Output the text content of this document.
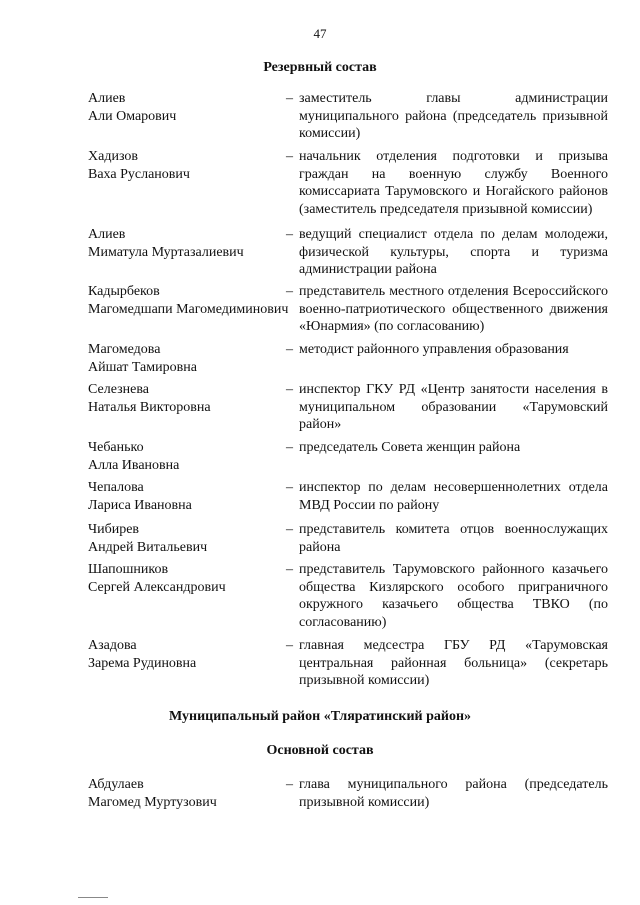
47
Резервный состав
Алиев
Али Омарович
– заместитель главы администрации муниципального района (председатель призывной комиссии)
Хадизов
Ваха Русланович
– начальник отделения подготовки и призыва граждан на военную службу Военного комиссариата Тарумовского и Ногайского районов (заместитель председателя призывной комиссии)
Алиев
Миматула Муртазалиевич
– ведущий специалист отдела по делам молодежи, физической культуры, спорта и туризма администрации района
Кадырбеков
Магомедшапи Магомедиминович
– представитель местного отделения Всероссийского военно-патриотического общественного движения «Юнармия» (по согласованию)
Магомедова
Айшат Тамировна
– методист районного управления образования
Селезнева
Наталья Викторовна
– инспектор ГКУ РД «Центр занятости населения в муниципальном образовании «Тарумовский район»
Чебанько
Алла Ивановна
– председатель Совета женщин района
Чепалова
Лариса Ивановна
– инспектор по делам несовершеннолетних отдела МВД России по району
Чибирев
Андрей Витальевич
– представитель комитета отцов военнослужащих района
Шапошников
Сергей Александрович
– представитель Тарумовского районного казачьего общества Кизлярского особого приграничного окружного казачьего общества ТВКО (по согласованию)
Азадова
Зарема Рудиновна
– главная медсестра ГБУ РД «Тарумовская центральная районная больница» (секретарь призывной комиссии)
Муниципальный район «Тляратинский район»
Основной состав
Абдулаев
Магомед Муртузович
– глава муниципального района (председатель призывной комиссии)
